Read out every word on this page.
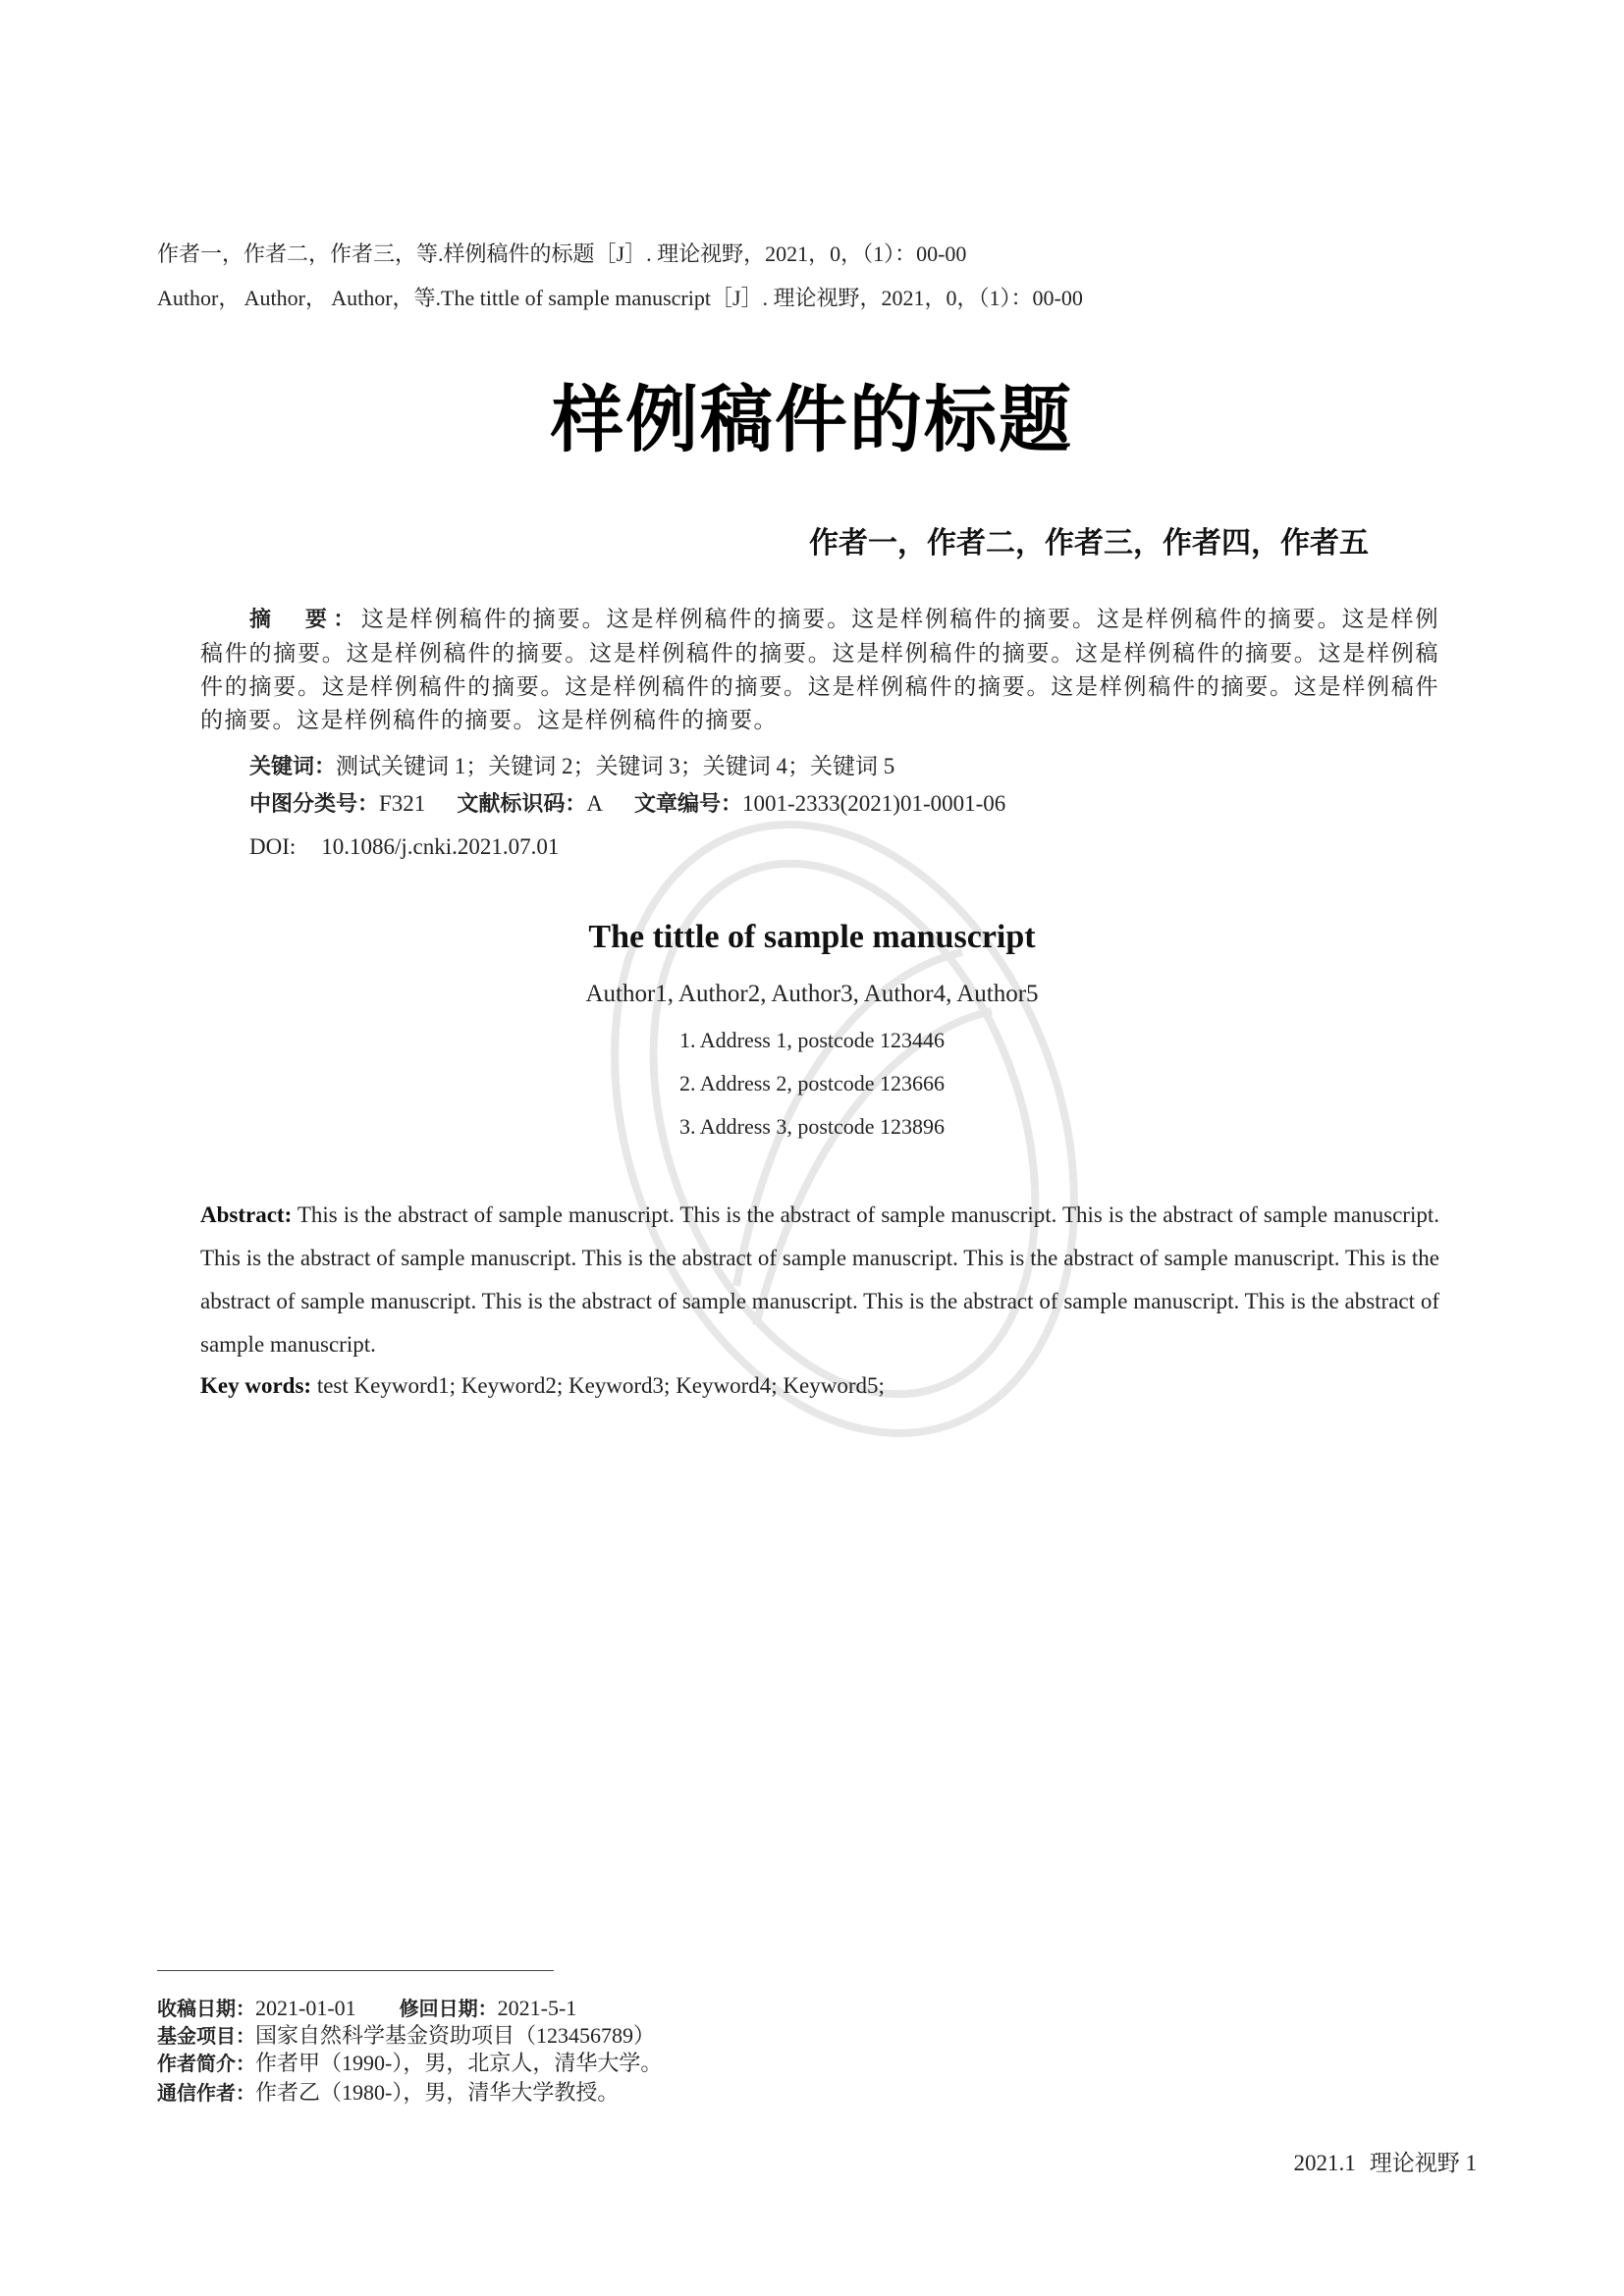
作者一，作者二，作者三，等.样例稿件的标题［J］. 理论视野，2021，0，（1）：00-00
Author， Author， Author，等.The tittle of sample manuscript［J］. 理论视野，2021，0，（1）：00-00
样例稿件的标题
作者一，作者二，作者三，作者四，作者五
摘　要：这是样例稿件的摘要。这是样例稿件的摘要。这是样例稿件的摘要。这是样例稿件的摘要。这是样例稿件的摘要。这是样例稿件的摘要。这是样例稿件的摘要。这是样例稿件的摘要。这是样例稿件的摘要。这是样例稿件的摘要。这是样例稿件的摘要。这是样例稿件的摘要。这是样例稿件的摘要。这是样例稿件的摘要。这是样例稿件的摘要。这是样例稿件的摘要。这是样例稿件的摘要。
关键词：测试关键词 1；关键词 2；关键词 3；关键词 4；关键词 5
中图分类号：F321 文献标识码：A 文章编号：1001-2333(2021)01-0001-06
DOI: 10.1086/j.cnki.2021.07.01
The tittle of sample manuscript
Author1, Author2, Author3, Author4, Author5
1. Address 1, postcode 123446
2. Address 2, postcode 123666
3. Address 3, postcode 123896
Abstract: This is the abstract of sample manuscript. This is the abstract of sample manuscript. This is the abstract of sample manuscript. This is the abstract of sample manuscript. This is the abstract of sample manuscript. This is the abstract of sample manuscript. This is the abstract of sample manuscript. This is the abstract of sample manuscript. This is the abstract of sample manuscript. This is the abstract of sample manuscript.
Key words: test Keyword1; Keyword2; Keyword3; Keyword4; Keyword5;
收稿日期：2021-01-01 修回日期：2021-5-1
基金项目：国家自然科学基金资助项目（123456789）
作者简介：作者甲（1990-），男，北京人，清华大学。
通信作者：作者乙（1980-），男，清华大学教授。
2021.1 理论视野 1
